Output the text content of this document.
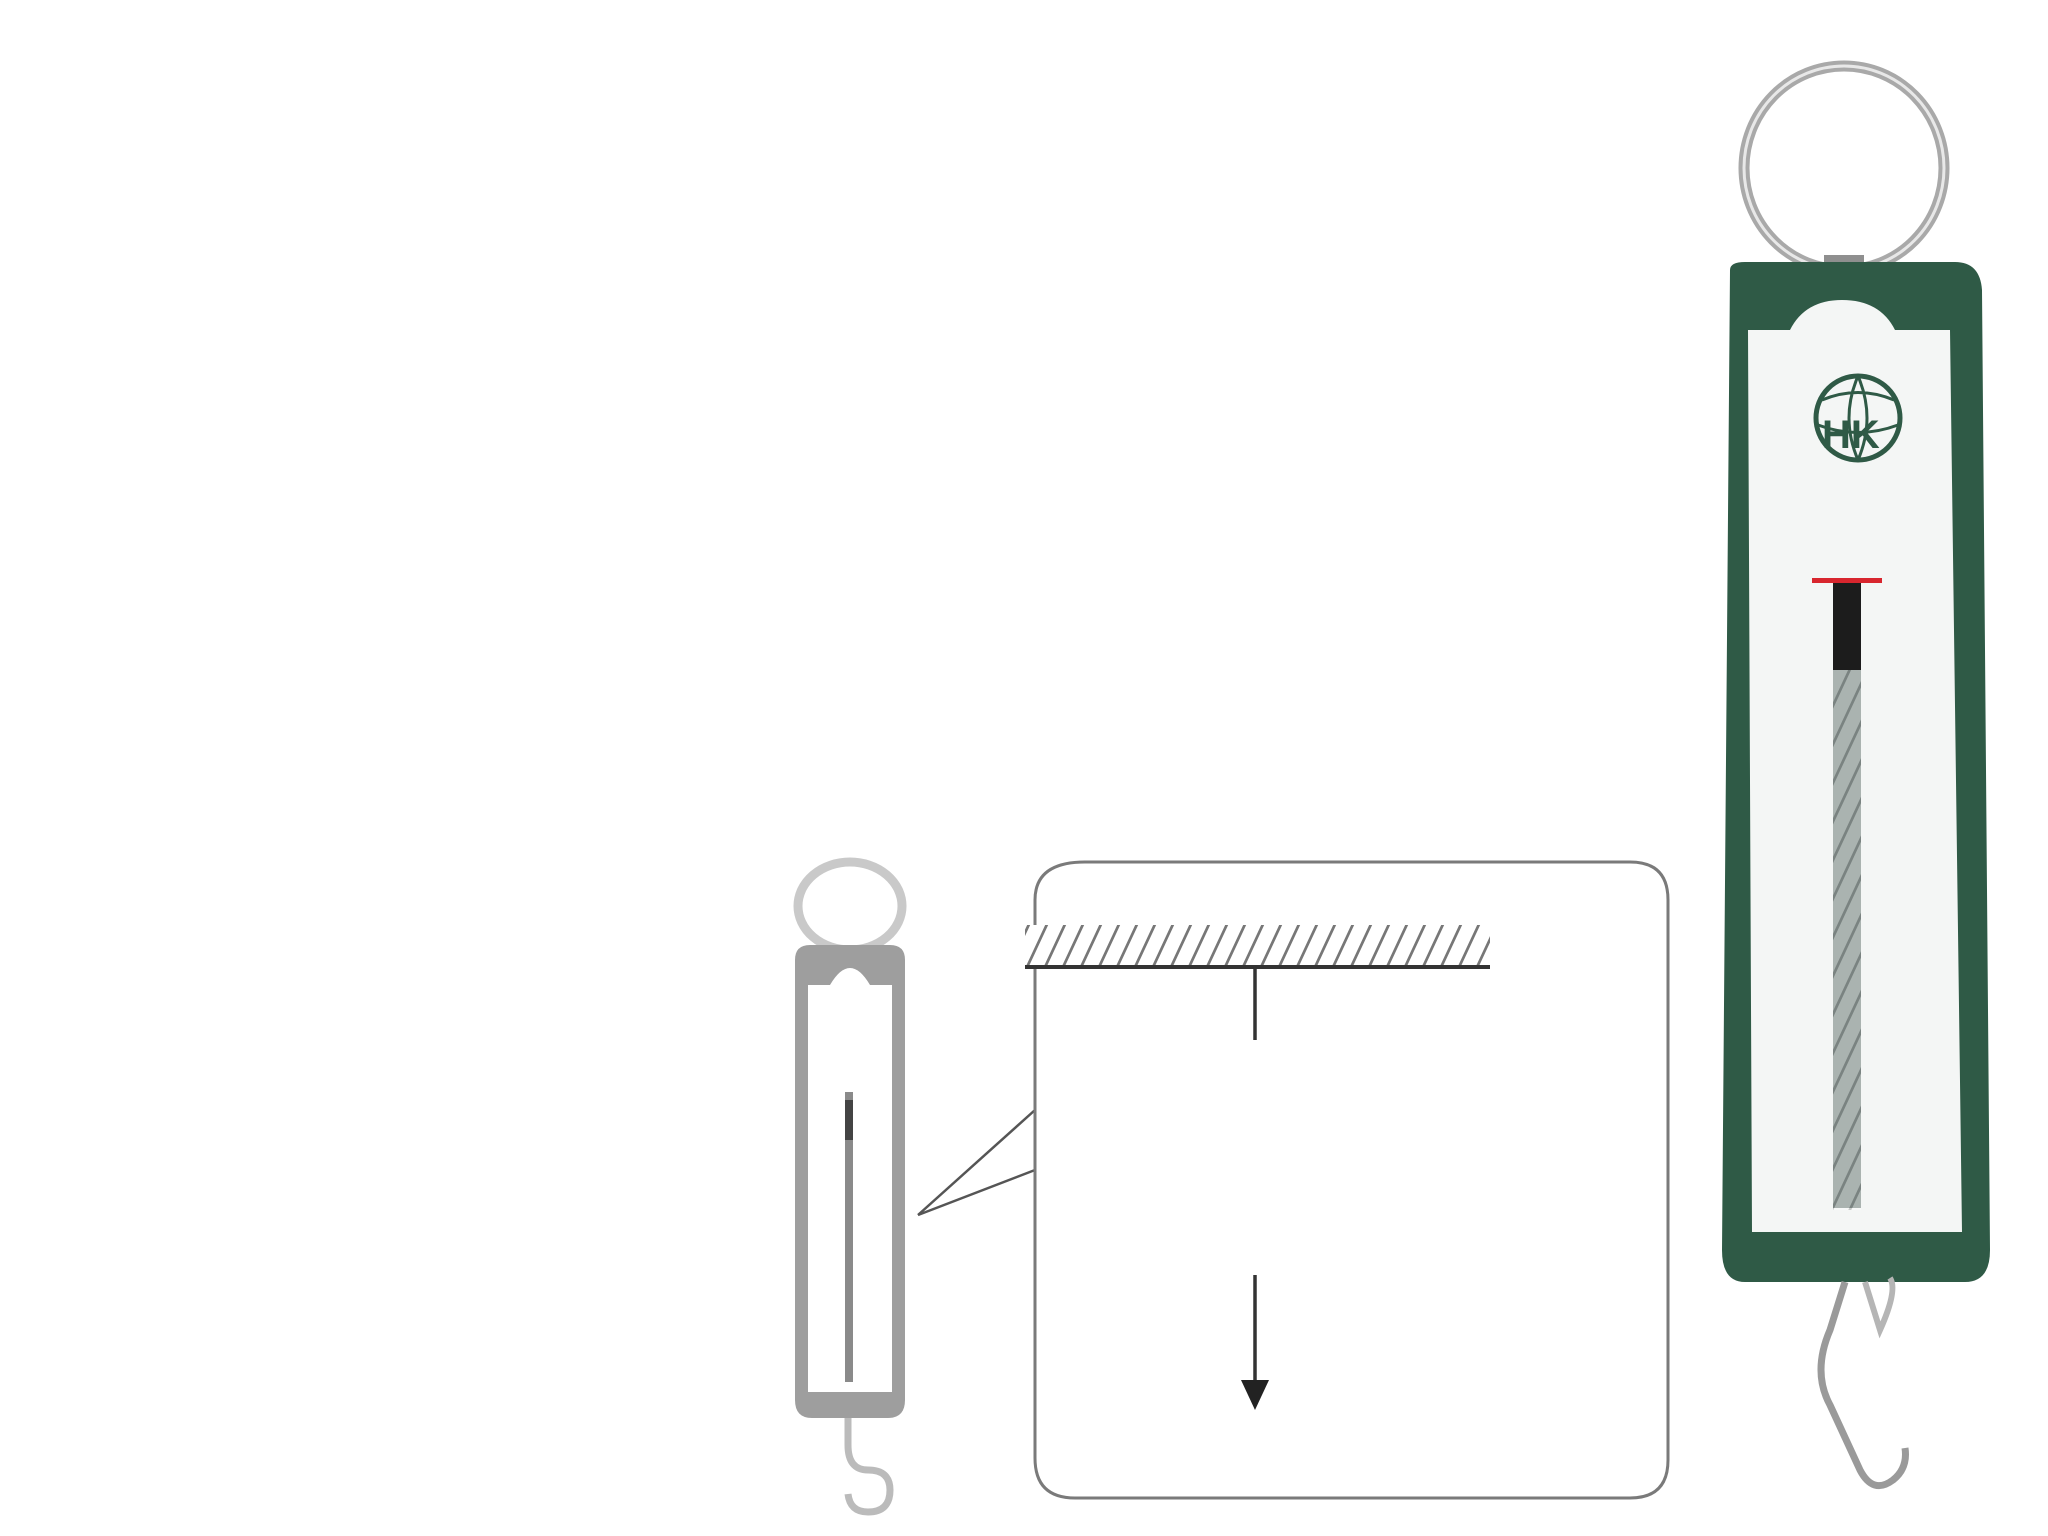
HK
